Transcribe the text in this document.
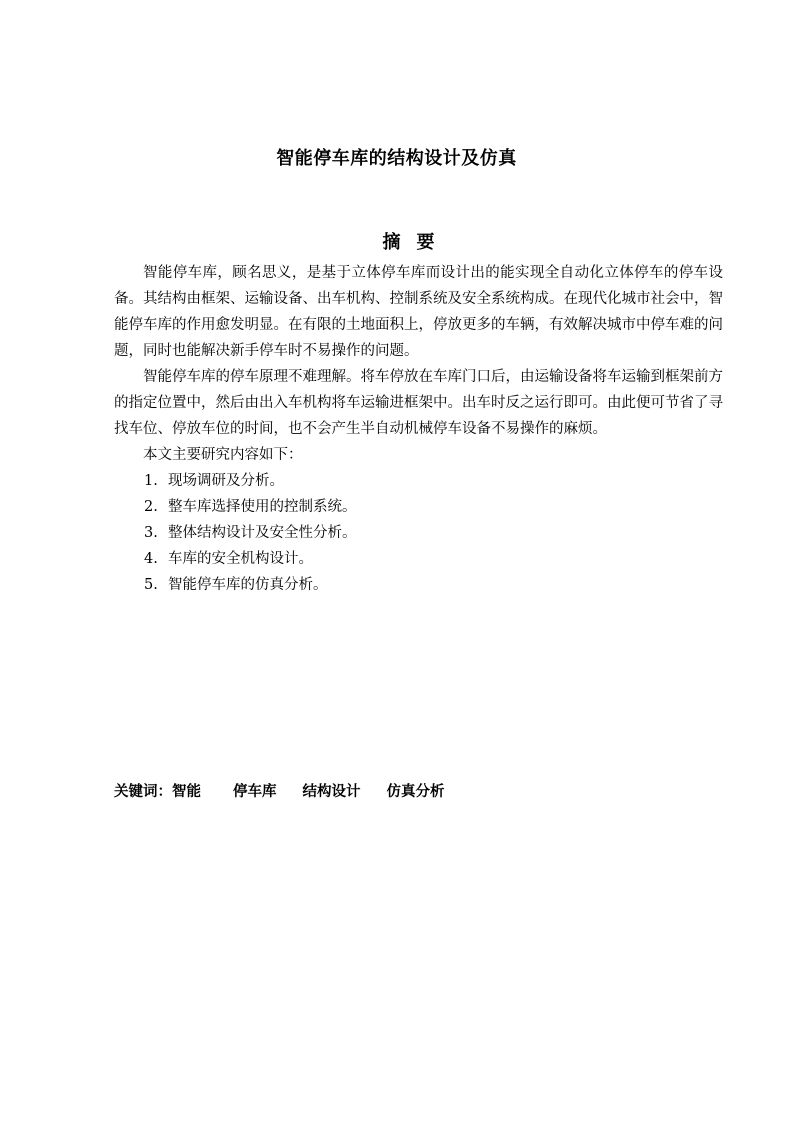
智能停车库的结构设计及仿真
摘要

智能停车库，顾名思义，是基于立体停车库而设计出的能实现全自动化立体停车的停车设备。其结构由框架、运输设备、出车机构、控制系统及安全系统构成。在现代化城市社会中，智能停车库的作用愈发明显。在有限的土地面积上，停放更多的车辆，有效解决城市中停车难的问题，同时也能解决新手停车时不易操作的问题。

智能停车库的停车原理不难理解。将车停放在车库门口后，由运输设备将车运输到框架前方的指定位置中，然后由出入车机构将车运输进框架中。出车时反之运行即可。由此便可节省了寻找车位、停放车位的时间，也不会产生半自动机械停车设备不易操作的麻烦。

本文主要研究内容如下：

1. 现场调研及分析。
2. 整车库选择使用的控制系统。
3. 整体结构设计及安全性分析。
4. 车库的安全机构设计。
5. 智能停车库的仿真分析。
关键词：智能 停车库 结构设计 仿真分析
